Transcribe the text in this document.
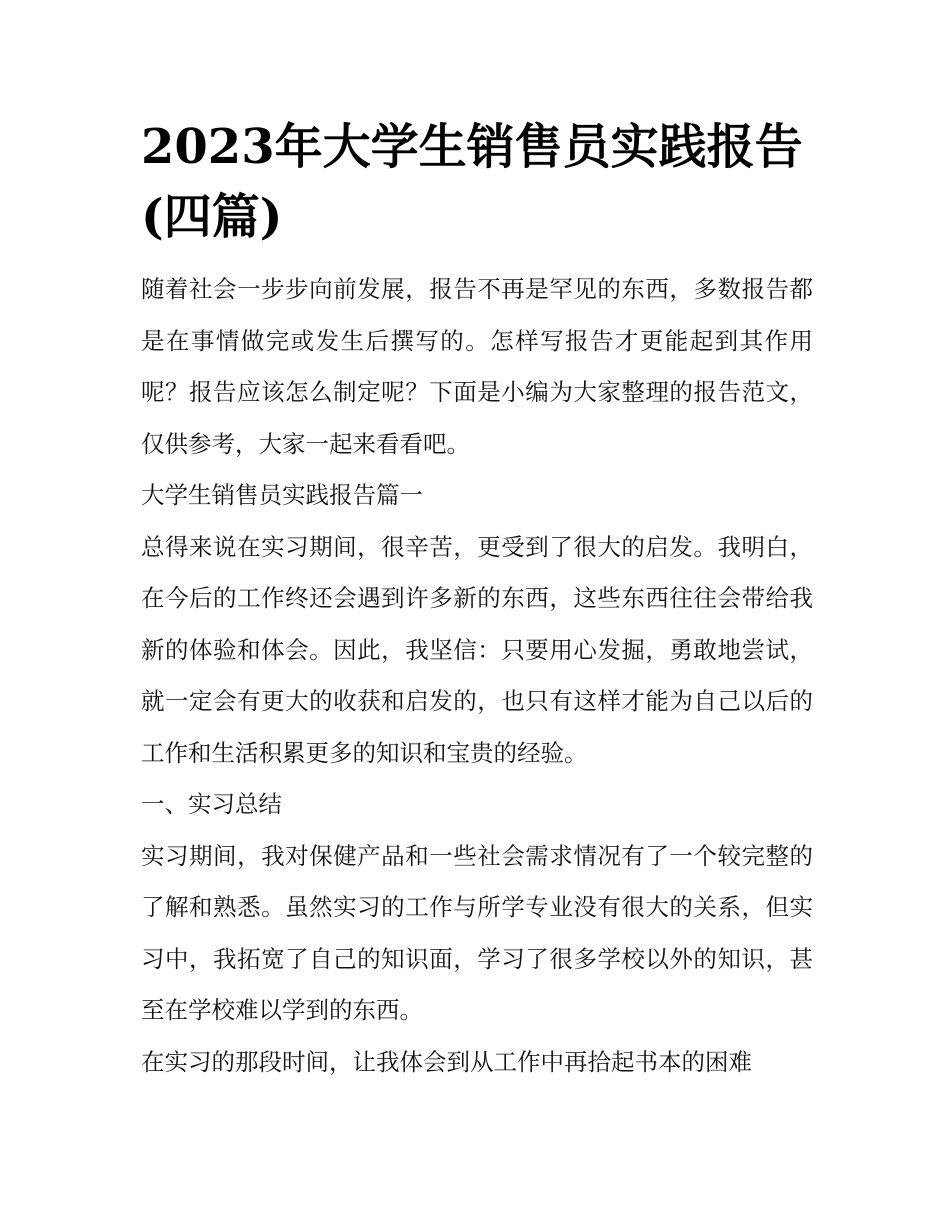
2023年大学生销售员实践报告(四篇)

随着社会一步步向前发展，报告不再是罕见的东西，多数报告都是在事情做完或发生后撰写的。怎样写报告才更能起到其作用呢？报告应该怎么制定呢？下面是小编为大家整理的报告范文，仅供参考，大家一起来看看吧。

大学生销售员实践报告篇一

总得来说在实习期间，很辛苦，更受到了很大的启发。我明白，在今后的工作终还会遇到许多新的东西，这些东西往往会带给我新的体验和体会。因此，我坚信：只要用心发掘，勇敢地尝试，就一定会有更大的收获和启发的，也只有这样才能为自己以后的工作和生活积累更多的知识和宝贵的经验。

一、实习总结

实习期间，我对保健产品和一些社会需求情况有了一个较完整的了解和熟悉。虽然实习的工作与所学专业没有很大的关系，但实习中，我拓宽了自己的知识面，学习了很多学校以外的知识，甚至在学校难以学到的东西。

在实习的那段时间，让我体会到从工作中再拾起书本的困难
